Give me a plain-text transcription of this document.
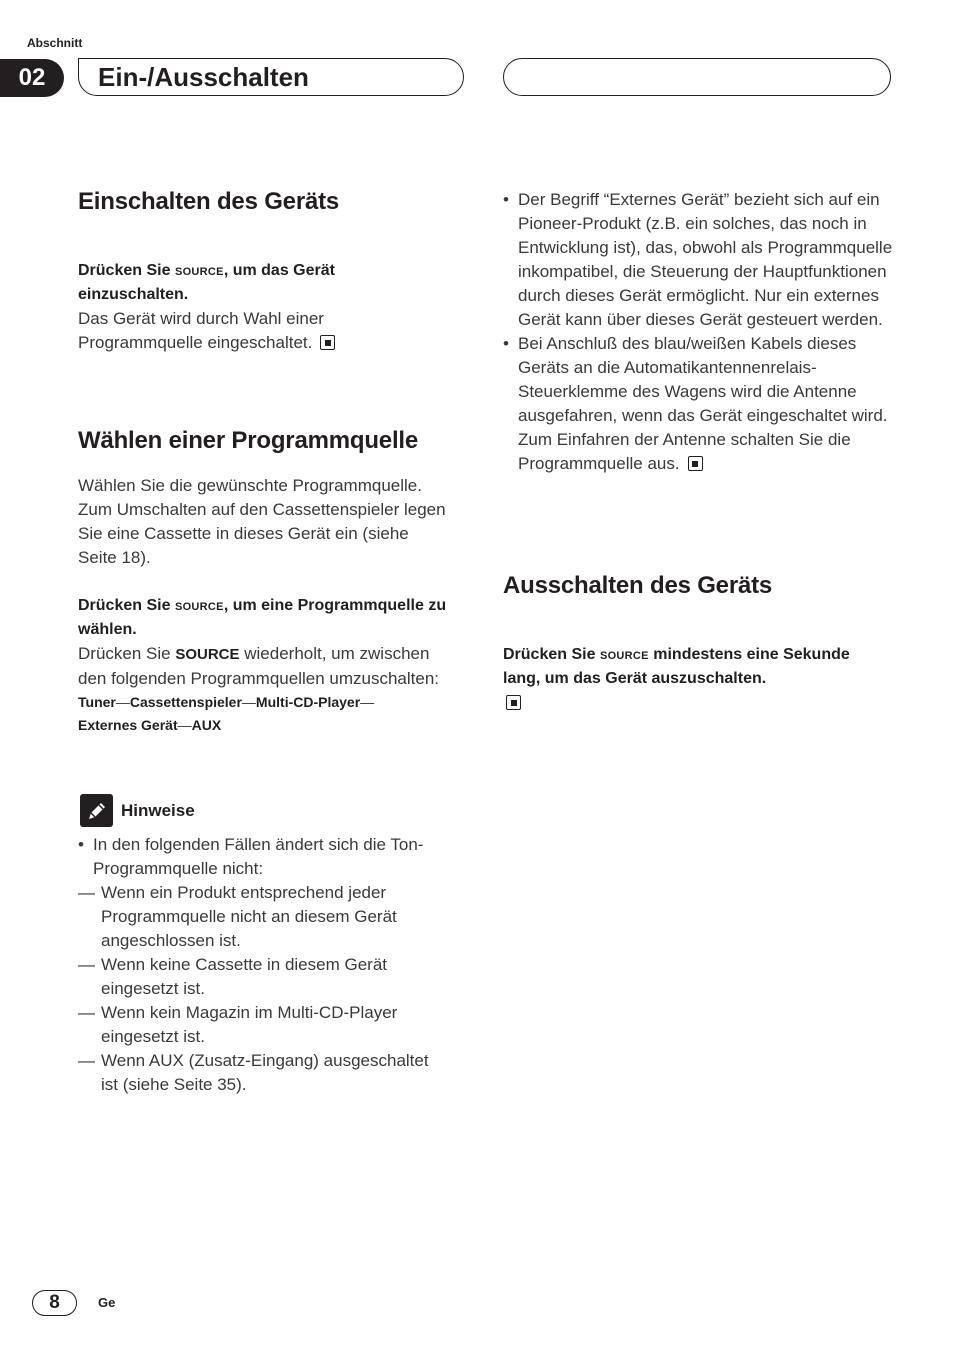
Abschnitt
02	Ein-/Ausschalten
Einschalten des Geräts

Drücken Sie source, um das Gerät einzuschalten.

Das Gerät wird durch Wahl einer Programmquelle eingeschaltet.

Wählen einer Programmquelle

Wählen Sie die gewünschte Programmquelle. Zum Umschalten auf den Cassettenspieler legen Sie eine Cassette in dieses Gerät ein (siehe Seite 18).

Drücken Sie source, um eine Programmquelle zu wählen.

Drücken Sie SOURCE wiederholt, um zwischen den folgenden Programmquellen umzuschalten:

Tuner—Cassettenspieler—Multi-CD-Player—
Externes Gerät—AUX

Hinweise
• In den folgenden Fällen ändert sich die Ton-Programmquelle nicht:
— Wenn ein Produkt entsprechend jeder Programmquelle nicht an diesem Gerät angeschlossen ist.
— Wenn keine Cassette in diesem Gerät eingesetzt ist.
— Wenn kein Magazin im Multi-CD-Player eingesetzt ist.
— Wenn AUX (Zusatz-Eingang) ausgeschaltet ist (siehe Seite 35).
• Der Begriff “Externes Gerät” bezieht sich auf ein Pioneer-Produkt (z.B. ein solches, das noch in Entwicklung ist), das, obwohl als Programmquelle inkompatibel, die Steuerung der Hauptfunktionen durch dieses Gerät ermöglicht. Nur ein externes Gerät kann über dieses Gerät gesteuert werden.
• Bei Anschluß des blau/weißen Kabels dieses Geräts an die Automatikantennenrelais-Steuerklemme des Wagens wird die Antenne ausgefahren, wenn das Gerät eingeschaltet wird. Zum Einfahren der Antenne schalten Sie die Programmquelle aus.
Ausschalten des Geräts

Drücken Sie source mindestens eine Sekunde lang, um das Gerät auszuschalten.

8	Ge
